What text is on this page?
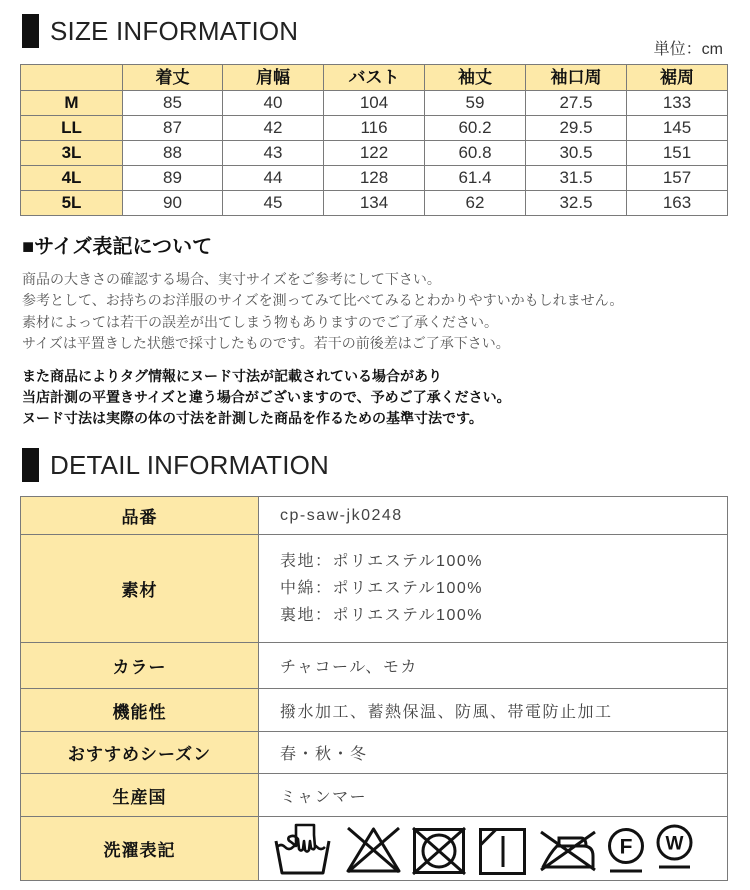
SIZE INFORMATION
単位：cm
	着丈	肩幅	バスト	袖丈	袖口周	裾周
M	85	40	104	59	27.5	133
LL	87	42	116	60.2	29.5	145
3L	88	43	122	60.8	30.5	151
4L	89	44	128	61.4	31.5	157
5L	90	45	134	62	32.5	163
■サイズ表記について
商品の大きさの確認する場合、実寸サイズをご参考にして下さい。
参考として、お持ちのお洋服のサイズを測ってみて比べてみるとわかりやすいかもしれません。
素材によっては若干の誤差が出てしまう物もありますのでご了承ください。
サイズは平置きした状態で採寸したものです。若干の前後差はご了承下さい。
また商品によりタグ情報にヌード寸法が記載されている場合があり
当店計測の平置きサイズと違う場合がございますので、予めご了承ください。
ヌード寸法は実際の体の寸法を計測した商品を作るための基準寸法です。
DETAIL INFORMATION
品番	cp-saw-jk0248
素材	表地：ポリエステル100%
中綿：ポリエステル100%
裏地：ポリエステル100%

カラー	チャコール、モカ
機能性	撥水加工、蓄熱保温、防風、帯電防止加工
おすすめシーズン	春・秋・冬
生産国	ミャンマー
洗濯表記	F W
